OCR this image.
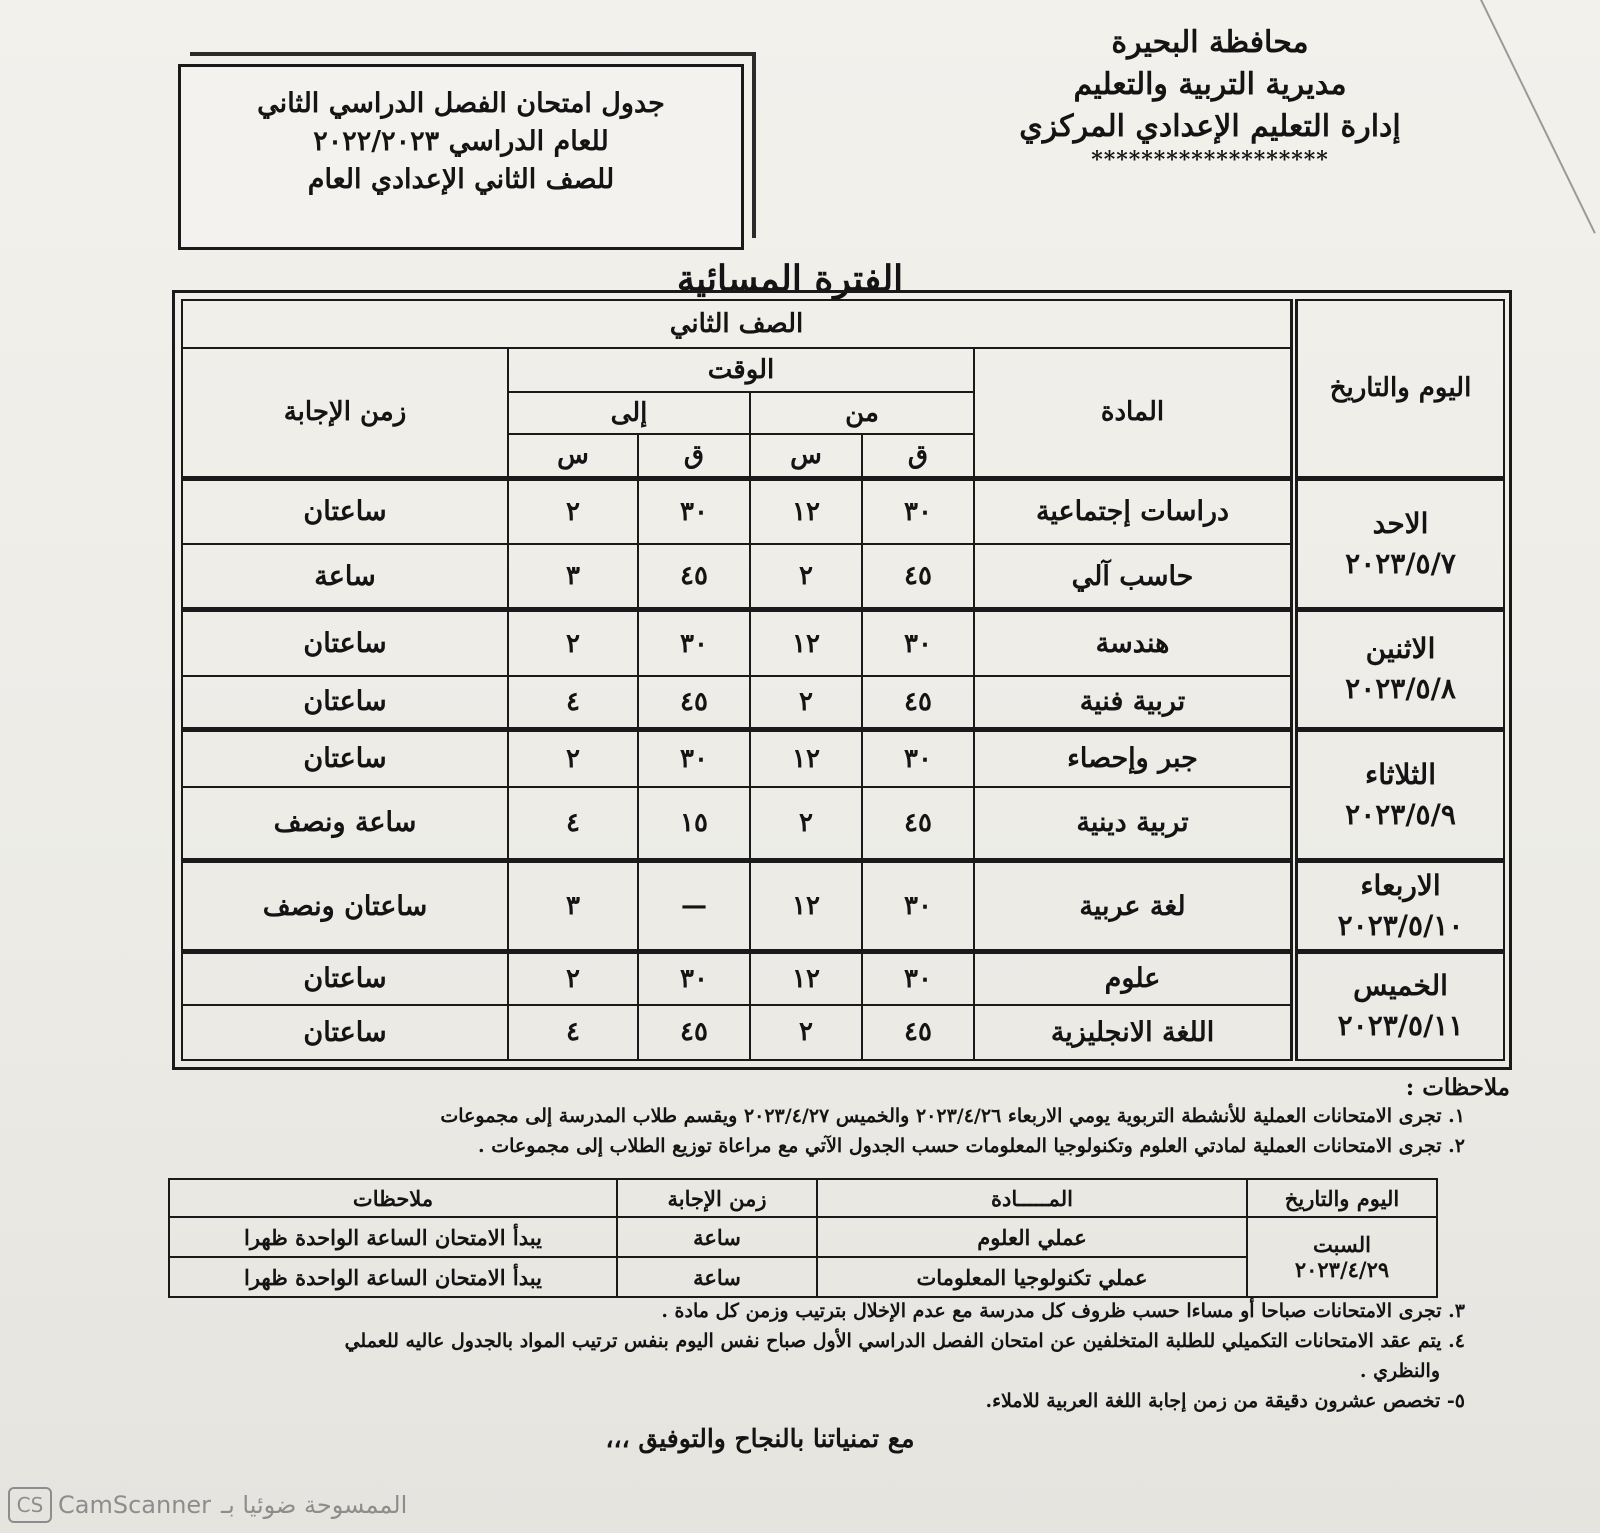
محافظة البحيرة
مديرية التربية والتعليم
إدارة التعليم الإعدادي المركزي
*******************
جدول امتحان الفصل الدراسي الثاني
للعام الدراسي ٢٠٢٢/٢٠٢٣
للصف الثاني الإعدادي العام
الفترة المسائية
اليوم والتاريخ	الصف الثاني					
	المادة	الوقت				زمن الإجابة
		من		إلى		
		ق	س	ق	س	

الاحد
٢٠٢٣/٥/٧	دراسات إجتماعية	٣٠	١٢	٣٠	٢	ساعتان
	حاسب آلي	٤٥	٢	٤٥	٣	ساعة

الاثنين
٢٠٢٣/٥/٨	هندسة	٣٠	١٢	٣٠	٢	ساعتان
	تربية فنية	٤٥	٢	٤٥	٤	ساعتان

الثلاثاء
٢٠٢٣/٥/٩	جبر وإحصاء	٣٠	١٢	٣٠	٢	ساعتان
	تربية دينية	٤٥	٢	١٥	٤	ساعة ونصف

الاربعاء
٢٠٢٣/٥/١٠	لغة عربية	٣٠	١٢	—	٣	ساعتان ونصف

الخميس
٢٠٢٣/٥/١١	علوم	٣٠	١٢	٣٠	٢	ساعتان
	اللغة الانجليزية	٤٥	٢	٤٥	٤	ساعتان
ملاحظات :
١. تجرى الامتحانات العملية للأنشطة التربوية يومي الاربعاء ٢٠٢٣/٤/٢٦ والخميس ٢٠٢٣/٤/٢٧ ويقسم طلاب المدرسة إلى مجموعات
٢. تجرى الامتحانات العملية لمادتي العلوم وتكنولوجيا المعلومات حسب الجدول الآتي مع مراعاة توزيع الطلاب إلى مجموعات .
اليوم والتاريخ	المـــــادة	زمن الإجابة	ملاحظات

السبت
٢٠٢٣/٤/٢٩	عملي العلوم	ساعة	يبدأ الامتحان الساعة الواحدة ظهرا
	عملي تكنولوجيا المعلومات	ساعة	يبدأ الامتحان الساعة الواحدة ظهرا
٣. تجرى الامتحانات صباحا أو مساءا حسب ظروف كل مدرسة مع عدم الإخلال بترتيب وزمن كل مادة .
٤. يتم عقد الامتحانات التكميلي للطلبة المتخلفين عن امتحان الفصل الدراسي الأول صباح نفس اليوم بنفس ترتيب المواد بالجدول عاليه للعملي
والنظري .
٥- تخصص عشرون دقيقة من زمن إجابة اللغة العربية للاملاء.
مع تمنياتنا بالنجاح والتوفيق ،،،
CS CamScanner الممسوحة ضوئيا بـ
